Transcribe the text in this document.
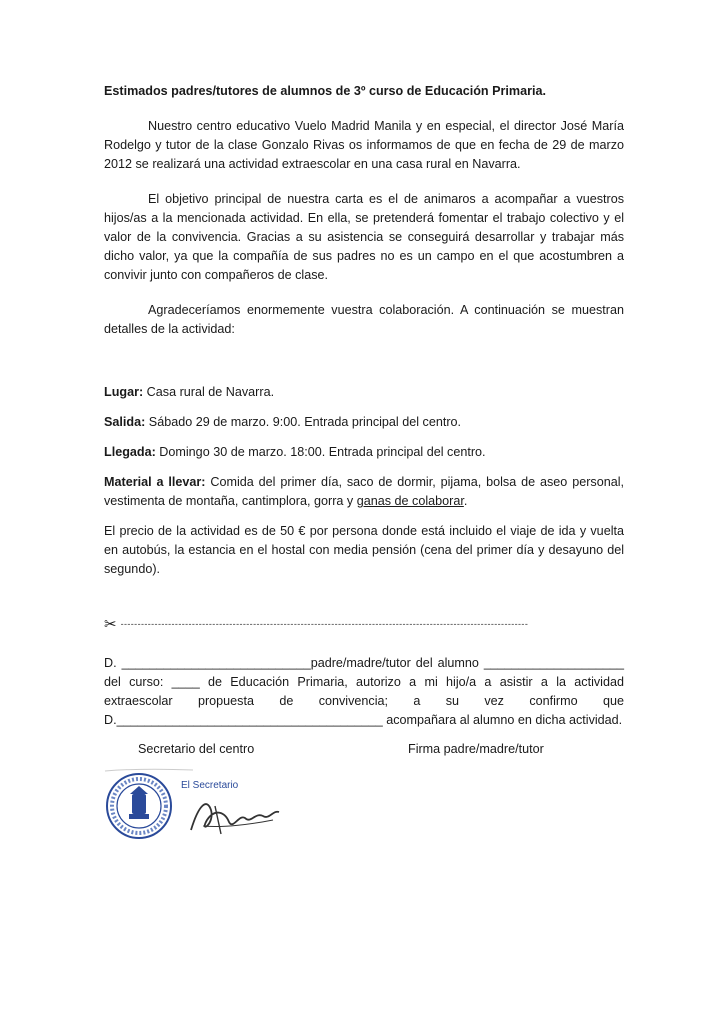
Estimados padres/tutores de alumnos de 3º curso de Educación Primaria.

Nuestro centro educativo Vuelo Madrid Manila y en especial, el director José María Rodelgo y tutor de la clase Gonzalo Rivas os informamos de que en fecha de 29 de marzo 2012 se realizará una actividad extraescolar en una casa rural en Navarra.

El objetivo principal de nuestra carta es el de animaros a acompañar a vuestros hijos/as a la mencionada actividad. En ella, se pretenderá fomentar el trabajo colectivo y el valor de la convivencia. Gracias a su asistencia se conseguirá desarrollar y trabajar más dicho valor, ya que la compañía de sus padres no es un campo en el que acostumbren a convivir junto con compañeros de clase.

Agradeceríamos enormemente vuestra colaboración. A continuación se muestran detalles de la actividad:

Lugar: Casa rural de Navarra.

Salida: Sábado 29 de marzo. 9:00. Entrada principal del centro.

Llegada: Domingo 30 de marzo. 18:00. Entrada principal del centro.

Material a llevar: Comida del primer día, saco de dormir, pijama, bolsa de aseo personal, vestimenta de montaña, cantimplora, gorra y ganas de colaborar.

El precio de la actividad es de 50 € por persona donde está incluido el viaje de ida y vuelta en autobús, la estancia en el hostal con media pensión (cena del primer día y desayuno del segundo).

✂ ------------------------------------------------------------------------------------------------------------------------

D. ___________________________padre/madre/tutor del alumno ____________________ del curso: ____ de Educación Primaria, autorizo a mi hijo/a a asistir a la actividad extraescolar propuesta de convivencia; a su vez confirmo que D.______________________________________ acompañara al alumno en dicha actividad.

Secretario del centro	Firma padre/madre/tutor
El Secretario
